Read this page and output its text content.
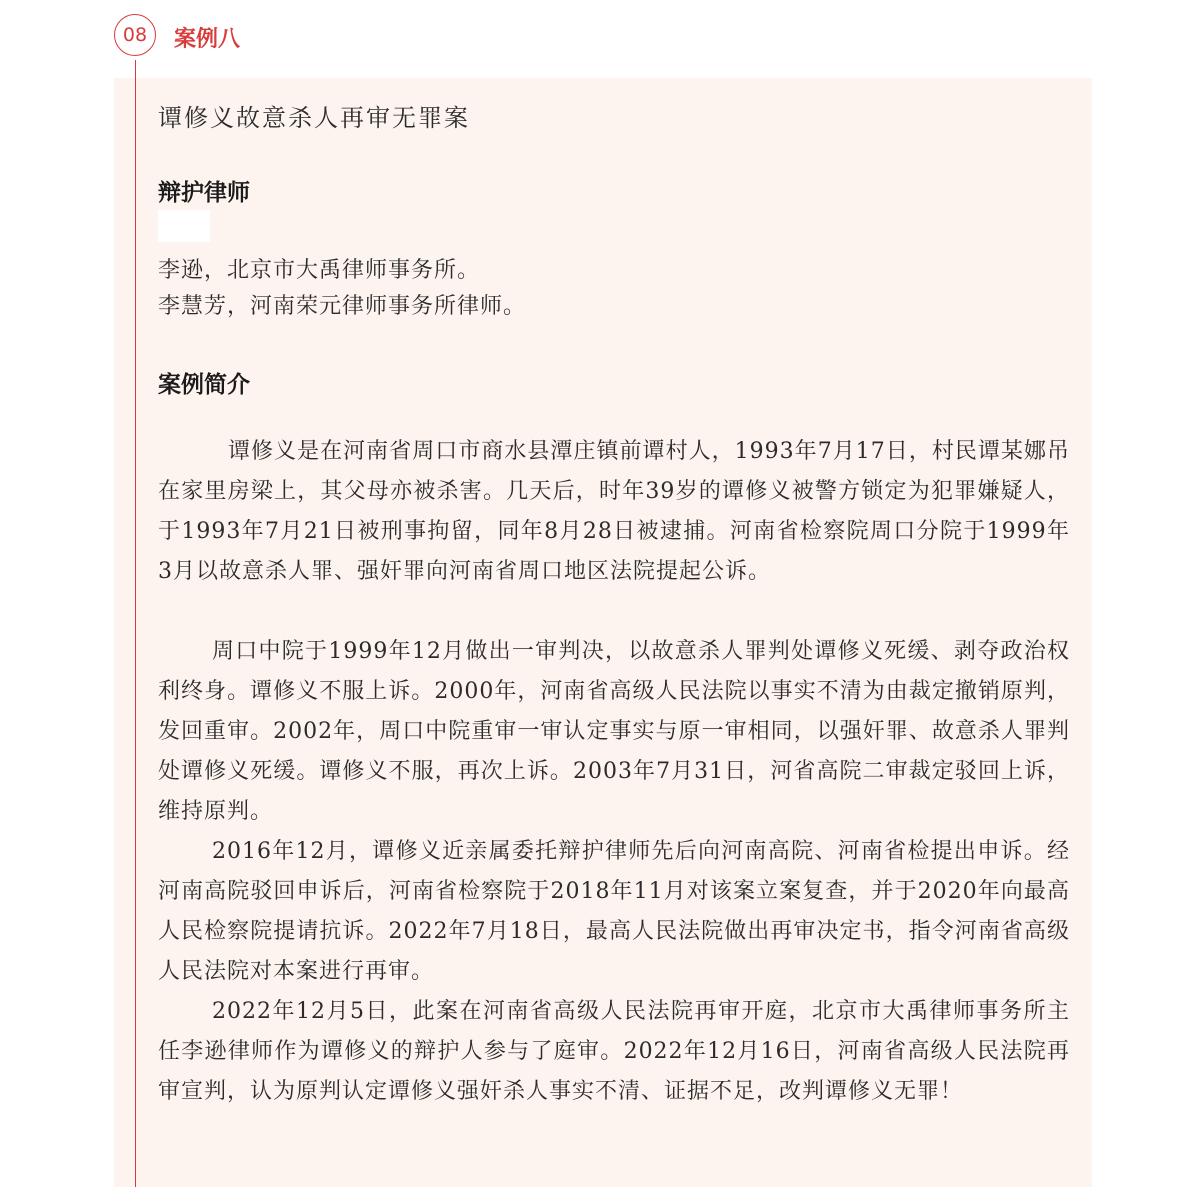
08	案例八
谭修义故意杀人再审无罪案
辩护律师
李逊，北京市大禹律师事务所。
李慧芳，河南荣元律师事务所律师。
案例简介

谭修义是在河南省周口市商水县潭庄镇前谭村人，1993年7月17日，村民谭某娜吊在家里房梁上，其父母亦被杀害。几天后，时年39岁的谭修义被警方锁定为犯罪嫌疑人，于1993年7月21日被刑事拘留，同年8月28日被逮捕。河南省检察院周口分院于1999年3月以故意杀人罪、强奸罪向河南省周口地区法院提起公诉。

周口中院于1999年12月做出一审判决，以故意杀人罪判处谭修义死缓、剥夺政治权利终身。谭修义不服上诉。2000年，河南省高级人民法院以事实不清为由裁定撤销原判，发回重审。2002年，周口中院重审一审认定事实与原一审相同，以强奸罪、故意杀人罪判处谭修义死缓。谭修义不服，再次上诉。2003年7月31日，河省高院二审裁定驳回上诉，维持原判。

2016年12月，谭修义近亲属委托辩护律师先后向河南高院、河南省检提出申诉。经河南高院驳回申诉后，河南省检察院于2018年11月对该案立案复查，并于2020年向最高人民检察院提请抗诉。2022年7月18日，最高人民法院做出再审决定书，指令河南省高级人民法院对本案进行再审。

2022年12月5日，此案在河南省高级人民法院再审开庭，北京市大禹律师事务所主任李逊律师作为谭修义的辩护人参与了庭审。2022年12月16日，河南省高级人民法院再审宣判，认为原判认定谭修义强奸杀人事实不清、证据不足，改判谭修义无罪！
